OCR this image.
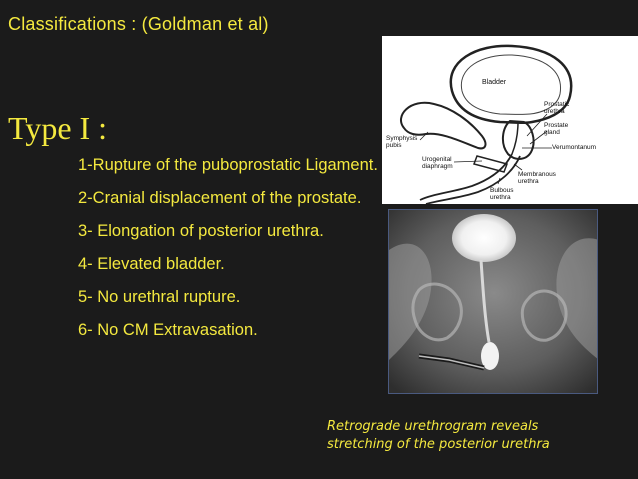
Classifications : (Goldman et al)
Type I :
1-Rupture of the puboprostatic Ligament.
2-Cranial displacement of the prostate.
3- Elongation of posterior urethra.
4- Elevated bladder.
5- No urethral rupture.
6- No CM Extravasation.
Bladder
Prostatic
urethra
Prostate
gland
Verumontanum
Symphysis
pubis
Urogenital
diaphragm
Membranous
urethra
Bulbous
urethra
Retrograde urethrogram reveals
stretching of the posterior urethra
